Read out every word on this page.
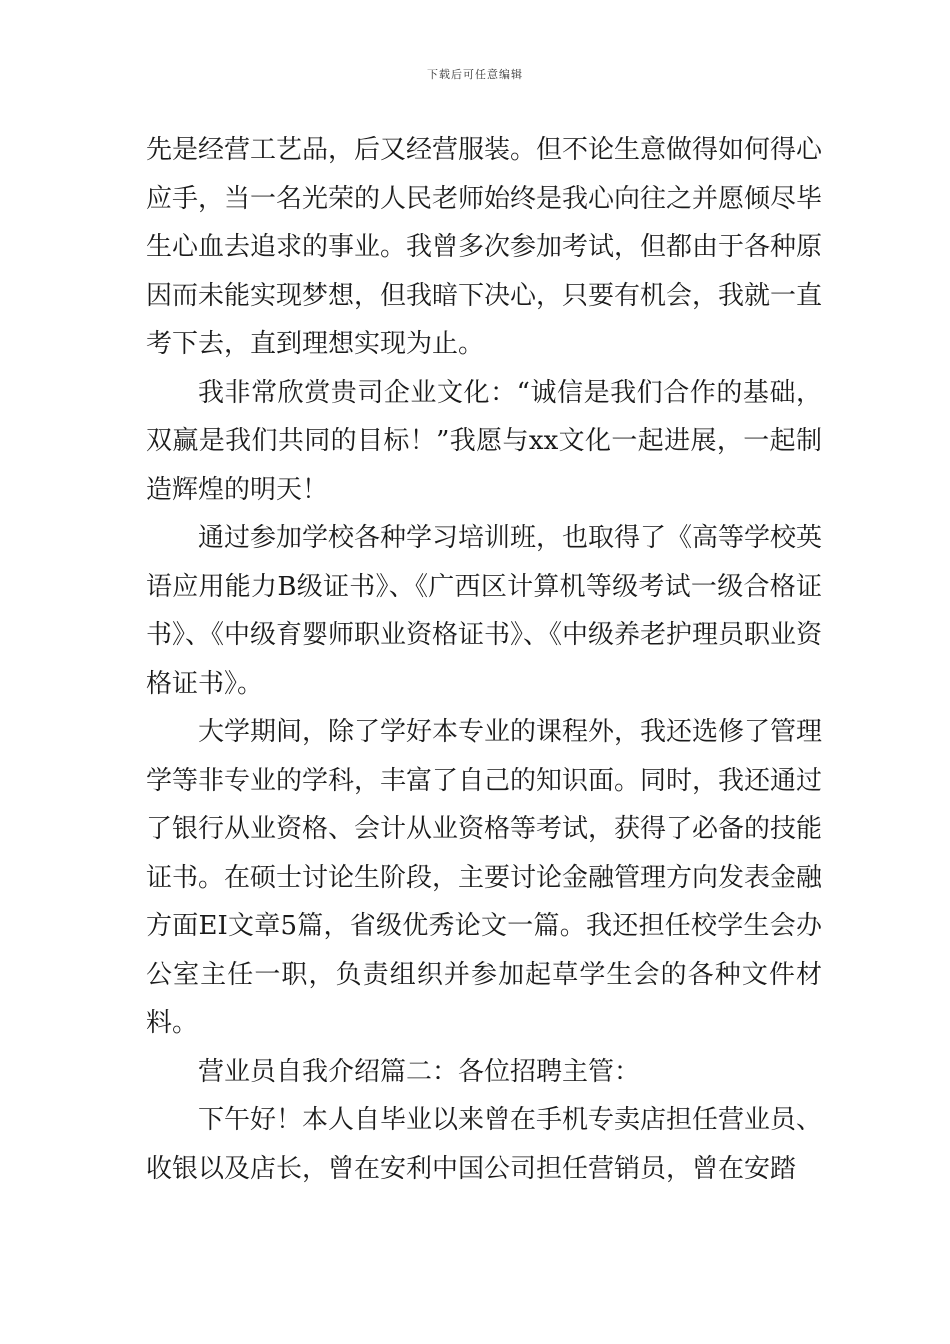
下载后可任意编辑

先是经营工艺品，后又经营服装。但不论生意做得如何得心应手，当一名光荣的人民老师始终是我心向往之并愿倾尽毕生心血去追求的事业。我曾多次参加考试，但都由于各种原因而未能实现梦想，但我暗下决心，只要有机会，我就一直考下去，直到理想实现为止。

我非常欣赏贵司企业文化：“诚信是我们合作的基础，双赢是我们共同的目标！”我愿与xx文化一起进展，一起制造辉煌的明天！

通过参加学校各种学习培训班，也取得了《高等学校英语应用能力B级证书》、《广西区计算机等级考试一级合格证书》、《中级育婴师职业资格证书》、《中级养老护理员职业资格证书》。

大学期间，除了学好本专业的课程外，我还选修了管理学等非专业的学科，丰富了自己的知识面。同时，我还通过了银行从业资格、会计从业资格等考试，获得了必备的技能证书。在硕士讨论生阶段，主要讨论金融管理方向发表金融方面EI文章5篇，省级优秀论文一篇。我还担任校学生会办公室主任一职，负责组织并参加起草学生会的各种文件材料。

营业员自我介绍篇二：各位招聘主管：

下午好！本人自毕业以来曾在手机专卖店担任营业员、收银以及店长，曾在安利中国公司担任营销员，曾在安踏
